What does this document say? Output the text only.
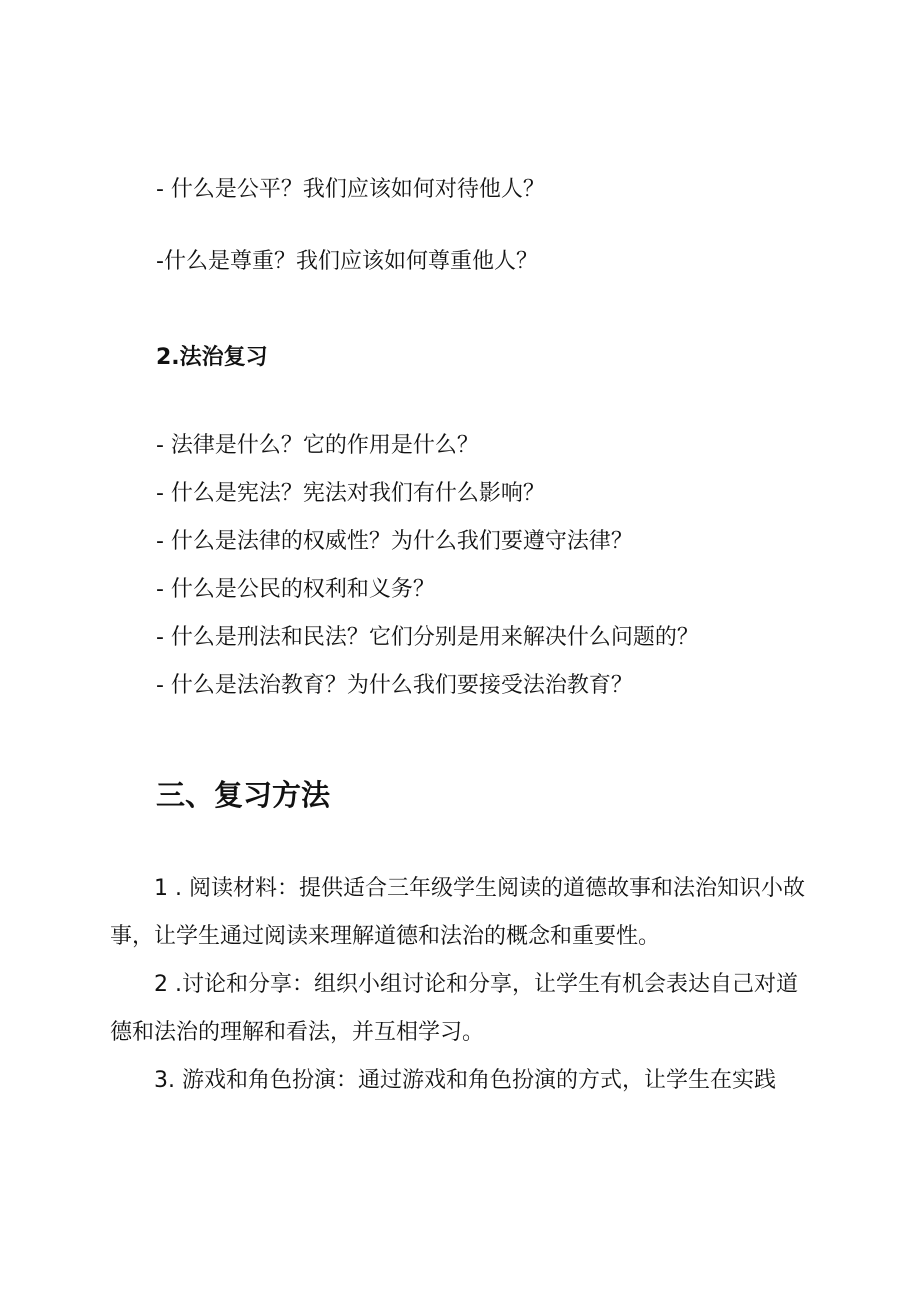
- 什么是公平？我们应该如何对待他人？
-什么是尊重？我们应该如何尊重他人？
2.法治复习
- 法律是什么？它的作用是什么？
- 什么是宪法？宪法对我们有什么影响？
- 什么是法律的权威性？为什么我们要遵守法律？
- 什么是公民的权利和义务？
- 什么是刑法和民法？它们分别是用来解决什么问题的？
- 什么是法治教育？为什么我们要接受法治教育？
三、复习方法
1 . 阅读材料：提供适合三年级学生阅读的道德故事和法治知识小故事，让学生通过阅读来理解道德和法治的概念和重要性。
2 .讨论和分享：组织小组讨论和分享，让学生有机会表达自己对道德和法治的理解和看法，并互相学习。
3. 游戏和角色扮演：通过游戏和角色扮演的方式，让学生在实践
